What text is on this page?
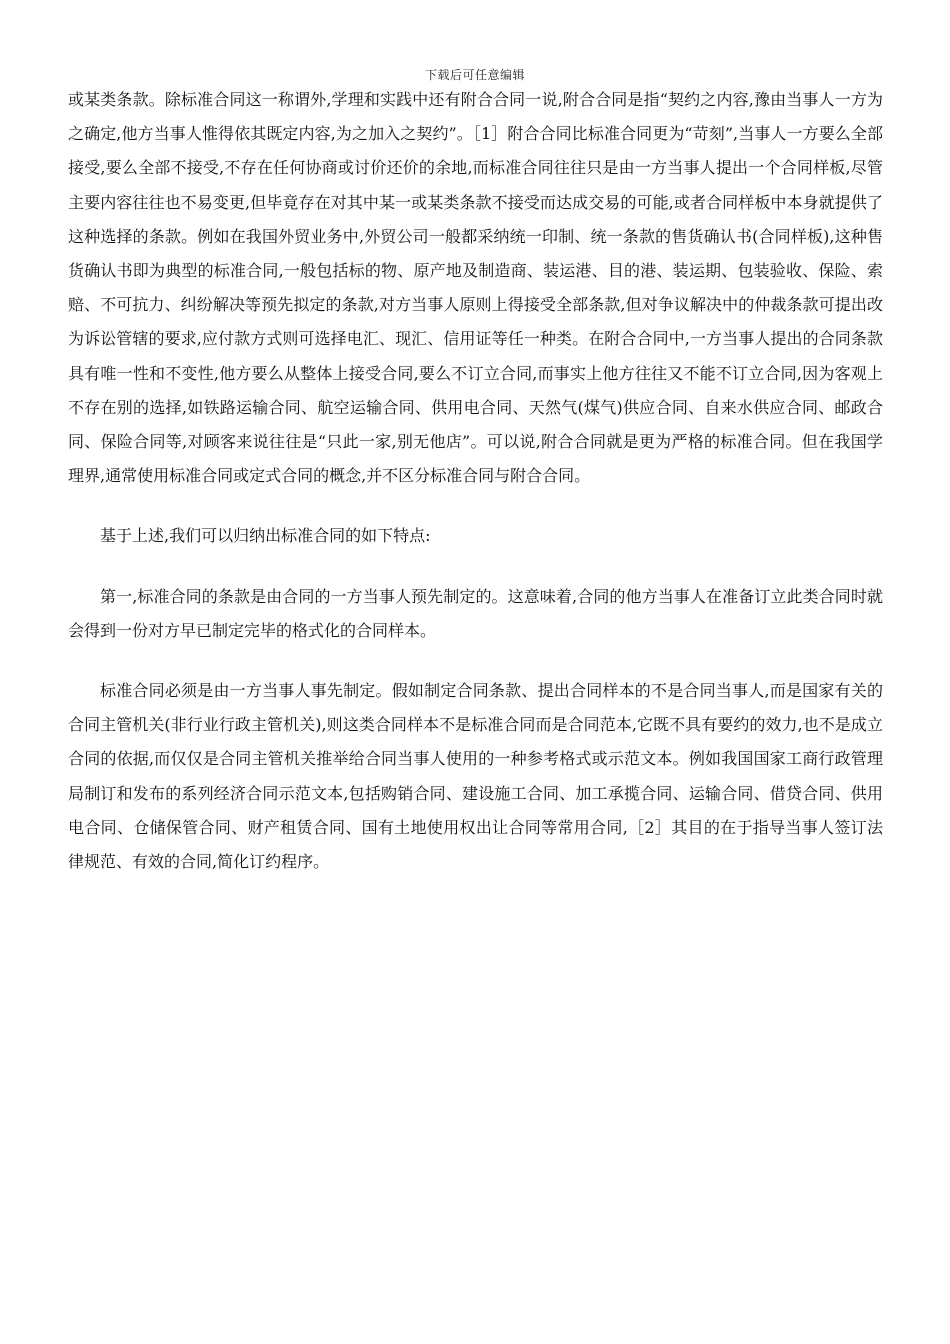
下载后可任意编辑

或某类条款。除标准合同这一称谓外,学理和实践中还有附合合同一说,附合合同是指“契约之内容,豫由当事人一方为之确定,他方当事人惟得依其既定内容,为之加入之契约”。［1］附合合同比标准合同更为“苛刻”,当事人一方要么全部接受,要么全部不接受,不存在任何协商或讨价还价的余地,而标准合同往往只是由一方当事人提出一个合同样板,尽管主要内容往往也不易变更,但毕竟存在对其中某一或某类条款不接受而达成交易的可能,或者合同样板中本身就提供了这种选择的条款。例如在我国外贸业务中,外贸公司一般都采纳统一印制、统一条款的售货确认书(合同样板),这种售货确认书即为典型的标准合同,一般包括标的物、原产地及制造商、装运港、目的港、装运期、包装验收、保险、索赔、不可抗力、纠纷解决等预先拟定的条款,对方当事人原则上得接受全部条款,但对争议解决中的仲裁条款可提出改为诉讼管辖的要求,应付款方式则可选择电汇、现汇、信用证等任一种类。在附合合同中,一方当事人提出的合同条款具有唯一性和不变性,他方要么从整体上接受合同,要么不订立合同,而事实上他方往往又不能不订立合同,因为客观上不存在别的选择,如铁路运输合同、航空运输合同、供用电合同、天然气(煤气)供应合同、自来水供应合同、邮政合同、保险合同等,对顾客来说往往是“只此一家,别无他店”。可以说,附合合同就是更为严格的标准合同。但在我国学理界,通常使用标准合同或定式合同的概念,并不区分标准合同与附合合同。

基于上述,我们可以归纳出标准合同的如下特点:

第一,标准合同的条款是由合同的一方当事人预先制定的。这意味着,合同的他方当事人在准备订立此类合同时就会得到一份对方早已制定完毕的格式化的合同样本。

标准合同必须是由一方当事人事先制定。假如制定合同条款、提出合同样本的不是合同当事人,而是国家有关的合同主管机关(非行业行政主管机关),则这类合同样本不是标准合同而是合同范本,它既不具有要约的效力,也不是成立合同的依据,而仅仅是合同主管机关推举给合同当事人使用的一种参考格式或示范文本。例如我国国家工商行政管理局制订和发布的系列经济合同示范文本,包括购销合同、建设施工合同、加工承揽合同、运输合同、借贷合同、供用电合同、仓储保管合同、财产租赁合同、国有土地使用权出让合同等常用合同,［2］其目的在于指导当事人签订法律规范、有效的合同,简化订约程序。
